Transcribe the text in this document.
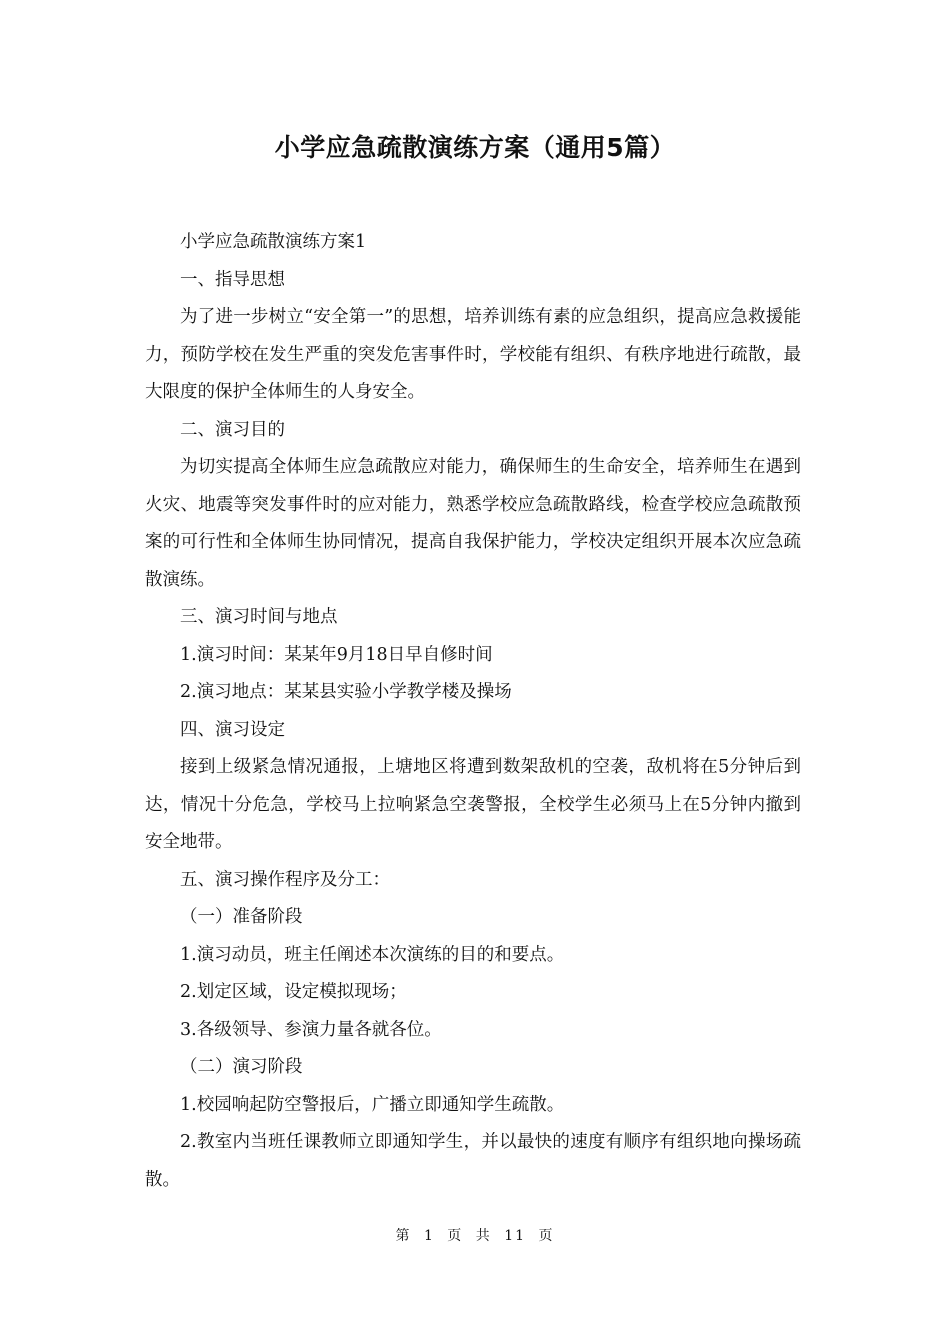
小学应急疏散演练方案（通用5篇）

小学应急疏散演练方案1

一、指导思想

为了进一步树立“安全第一”的思想，培养训练有素的应急组织，提高应急救援能力，预防学校在发生严重的突发危害事件时，学校能有组织、有秩序地进行疏散，最大限度的保护全体师生的人身安全。

二、演习目的

为切实提高全体师生应急疏散应对能力，确保师生的生命安全，培养师生在遇到火灾、地震等突发事件时的应对能力，熟悉学校应急疏散路线，检查学校应急疏散预案的可行性和全体师生协同情况，提高自我保护能力，学校决定组织开展本次应急疏散演练。

三、演习时间与地点

1.演习时间：某某年9月18日早自修时间

2.演习地点：某某县实验小学教学楼及操场

四、演习设定

接到上级紧急情况通报，上塘地区将遭到数架敌机的空袭，敌机将在5分钟后到达，情况十分危急，学校马上拉响紧急空袭警报，全校学生必须马上在5分钟内撤到安全地带。

五、演习操作程序及分工：

（一）准备阶段

1.演习动员，班主任阐述本次演练的目的和要点。

2.划定区域，设定模拟现场；

3.各级领导、参演力量各就各位。

（二）演习阶段

1.校园响起防空警报后，广播立即通知学生疏散。

2.教室内当班任课教师立即通知学生，并以最快的速度有顺序有组织地向操场疏散。

第 1 页 共 11 页
